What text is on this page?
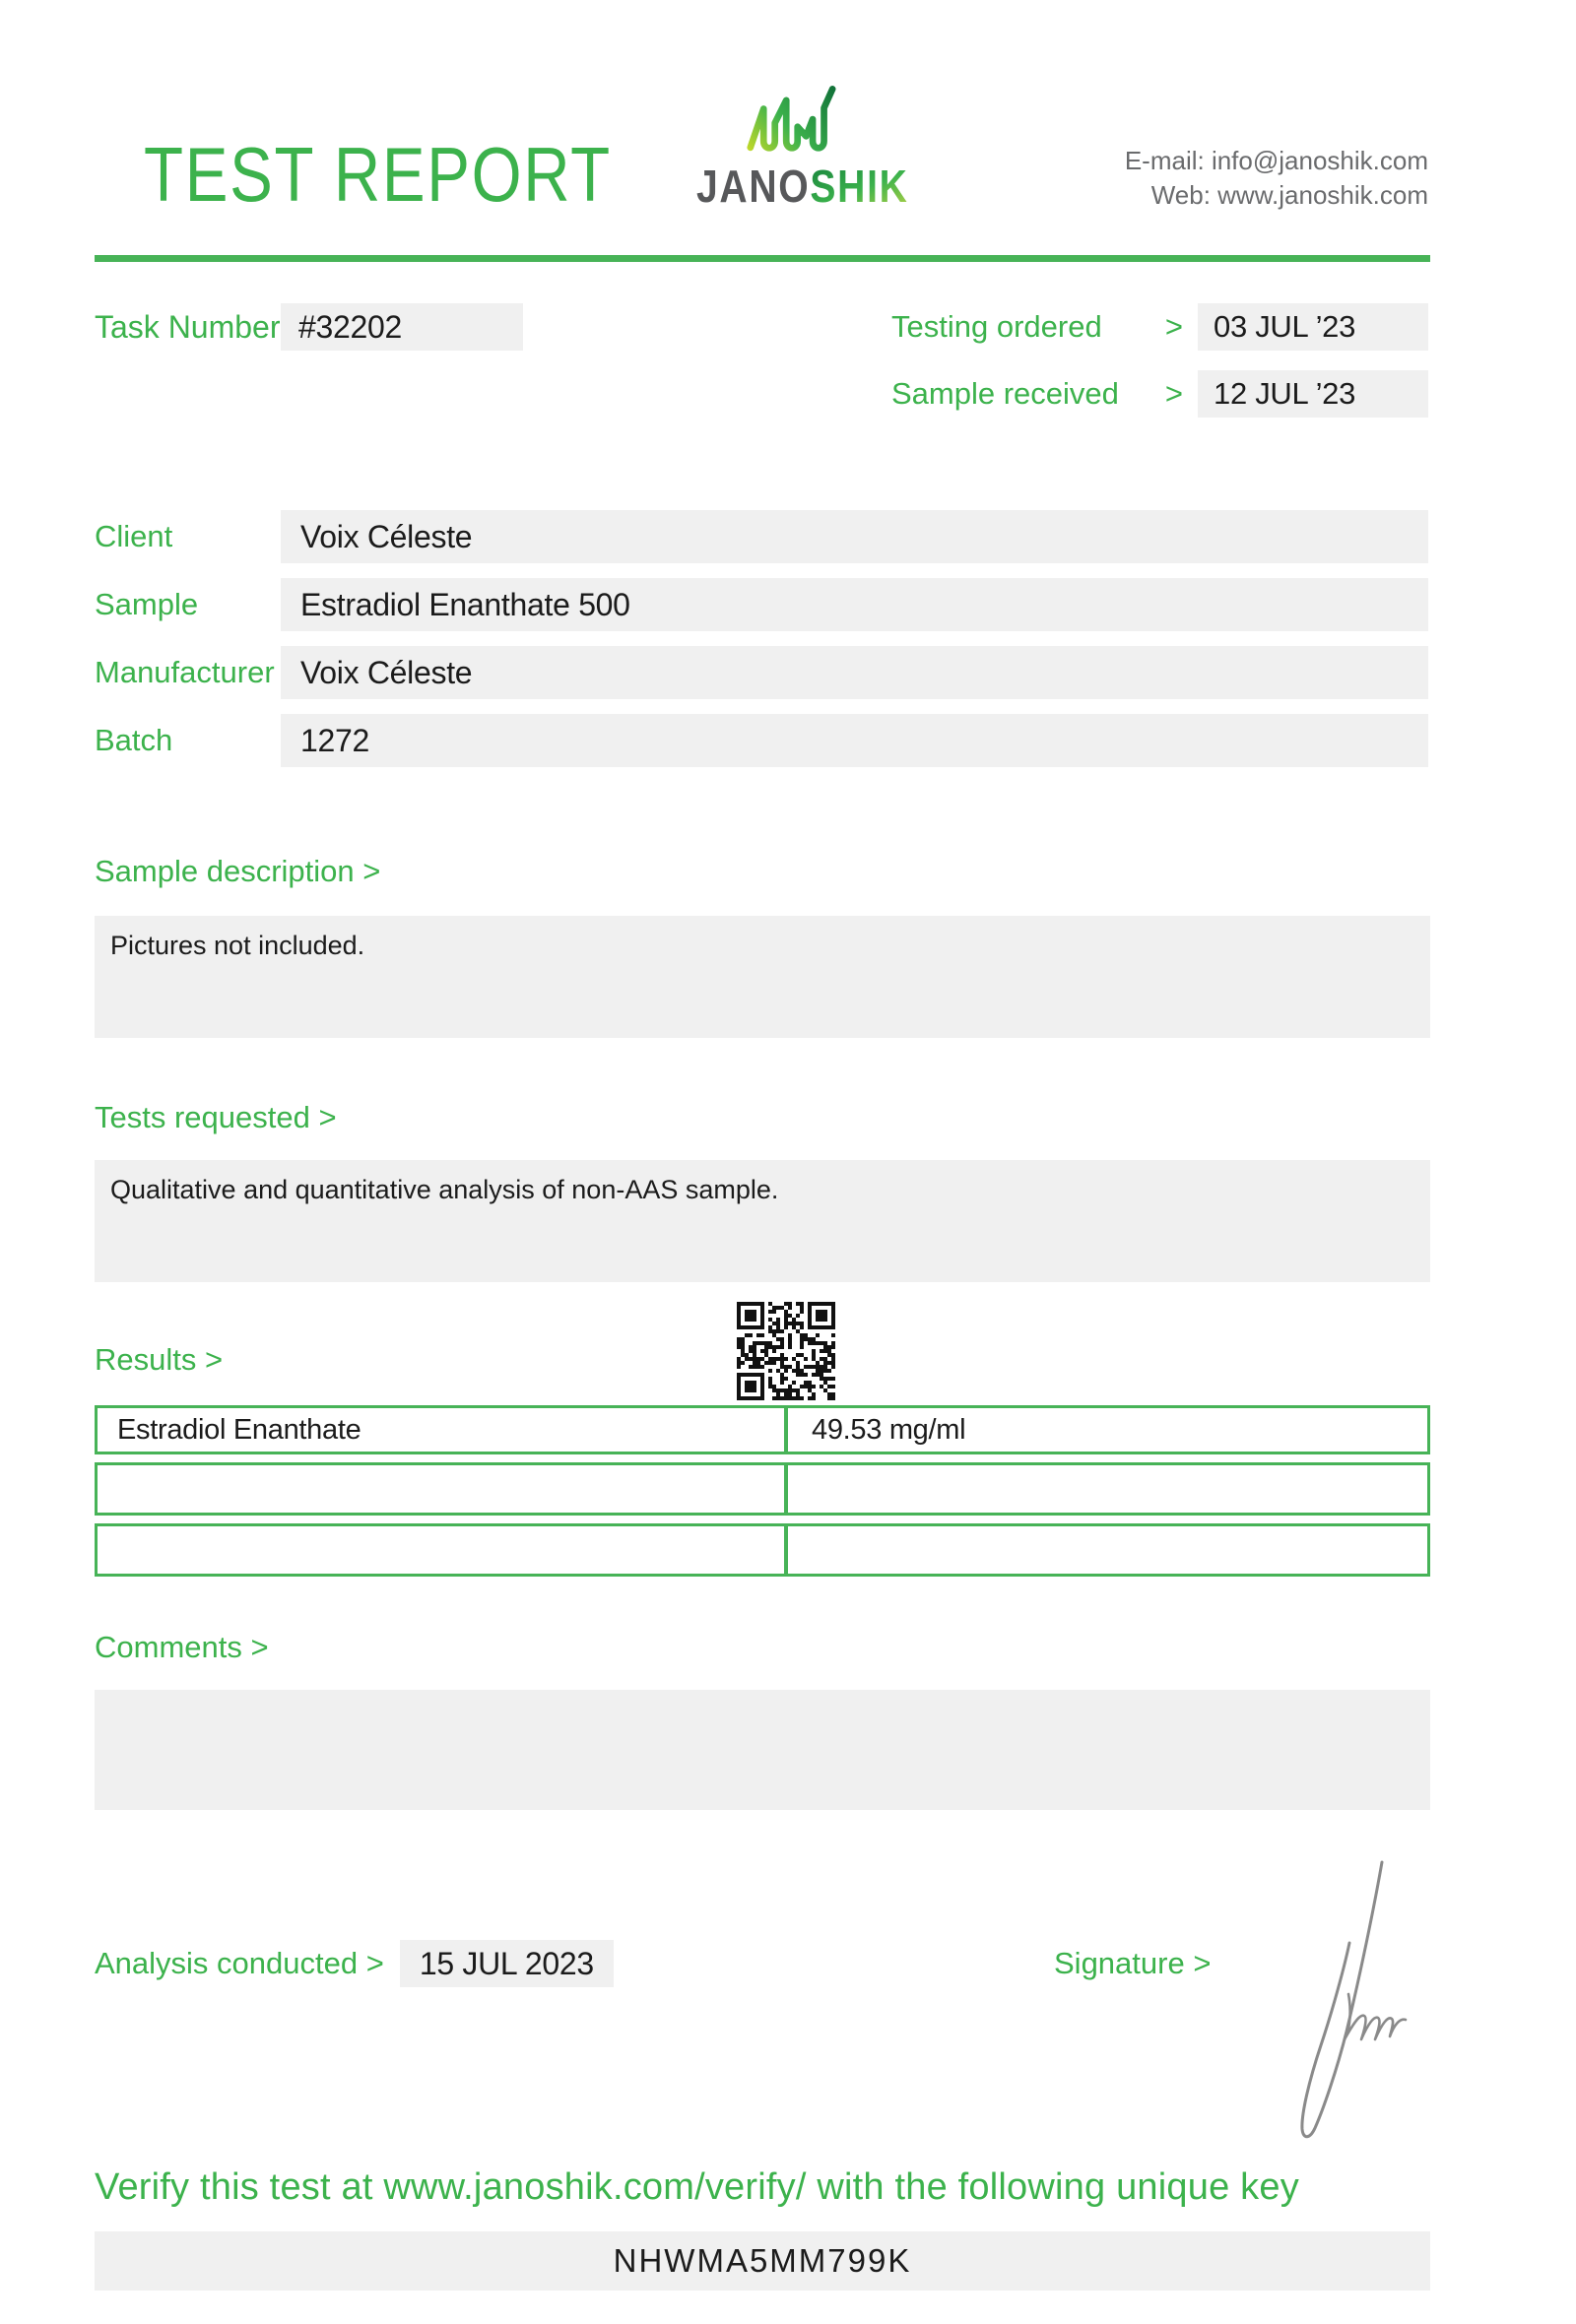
TEST REPORT JANOSHIK	E-mail: info@janoshik.com
Web: www.janoshik.com
Task Number #32202	Testing ordered >	03 JUL ’23
Sample received >	12 JUL ’23
Client	Voix Céleste
Sample	Estradiol Enanthate 500
Manufacturer Voix Céleste
Batch	1272
Sample description >
Pictures not included.
Tests requested >
Qualitative and quantitative analysis of non-AAS sample.
Results >
Estradiol Enanthate	49.53 mg/ml
Comments >
Analysis conducted >	15 JUL 2023	Signature >
Verify this test at www.janoshik.com/verify/ with the following unique key
NHWMA5MM799K
